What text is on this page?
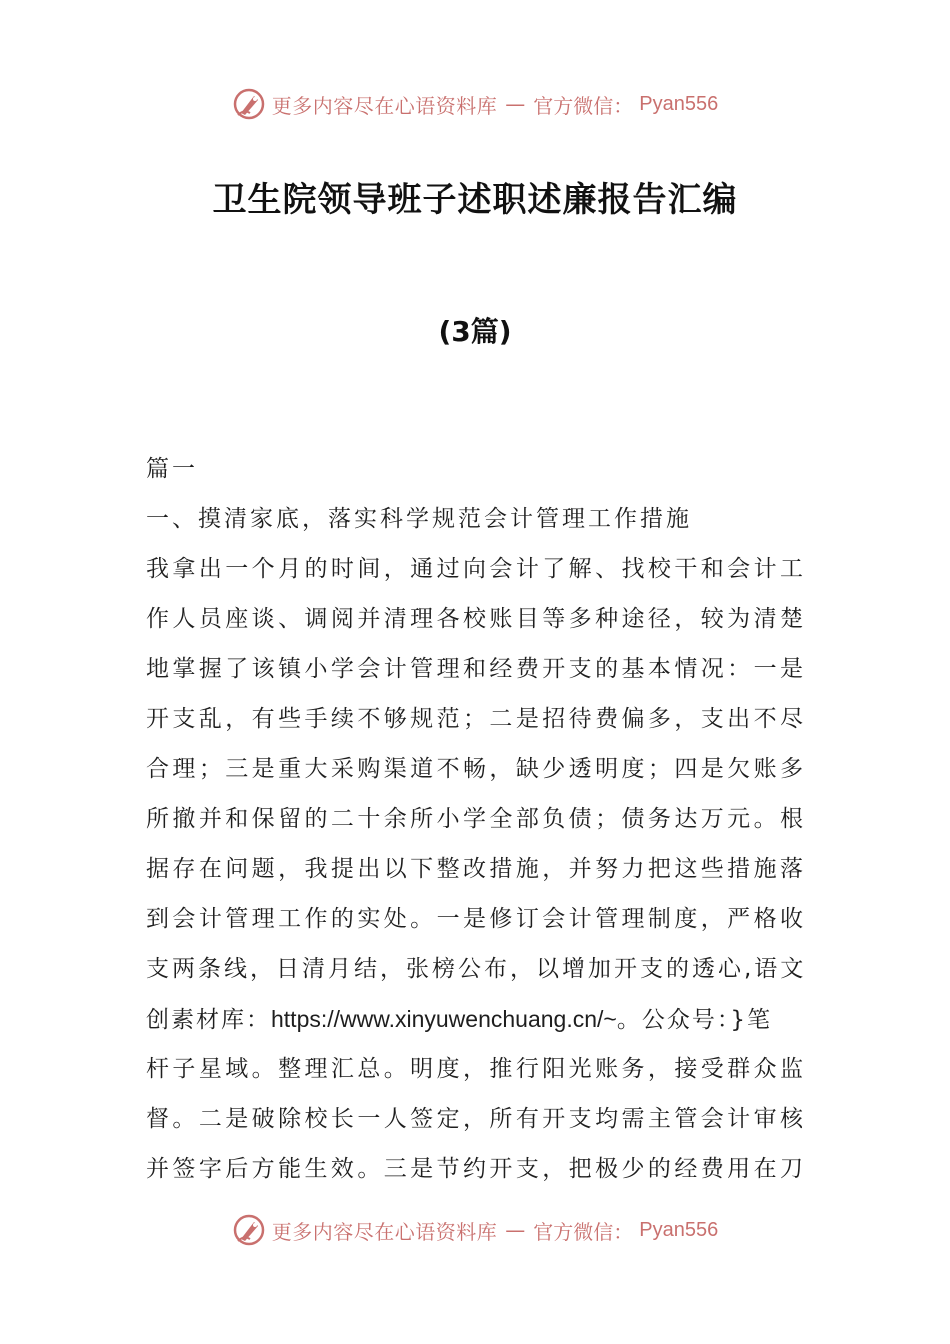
更多内容尽在心语资料库 — 官方微信： Pyan556
卫生院领导班子述职述廉报告汇编
(3篇)
篇一
一、摸清家底，落实科学规范会计管理工作措施
我拿出一个月的时间，通过向会计了解、找校干和会计工
作人员座谈、调阅并清理各校账目等多种途径，较为清楚
地掌握了该镇小学会计管理和经费开支的基本情况：一是
开支乱，有些手续不够规范；二是招待费偏多，支出不尽
合理；三是重大采购渠道不畅，缺少透明度；四是欠账多
所撤并和保留的二十余所小学全部负债；债务达万元。根
据存在问题，我提出以下整改措施，并努力把这些措施落
到会计管理工作的实处。一是修订会计管理制度，严格收
支两条线，日清月结，张榜公布，以增加开支的透心,语文
创素材库：https://www.xinyuwenchuang.cn/~。公众号：}笔
杆子星域。整理汇总。明度，推行阳光账务，接受群众监
督。二是破除校长一人签定，所有开支均需主管会计审核
并签字后方能生效。三是节约开支，把极少的经费用在刀
更多内容尽在心语资料库 — 官方微信： Pyan556
